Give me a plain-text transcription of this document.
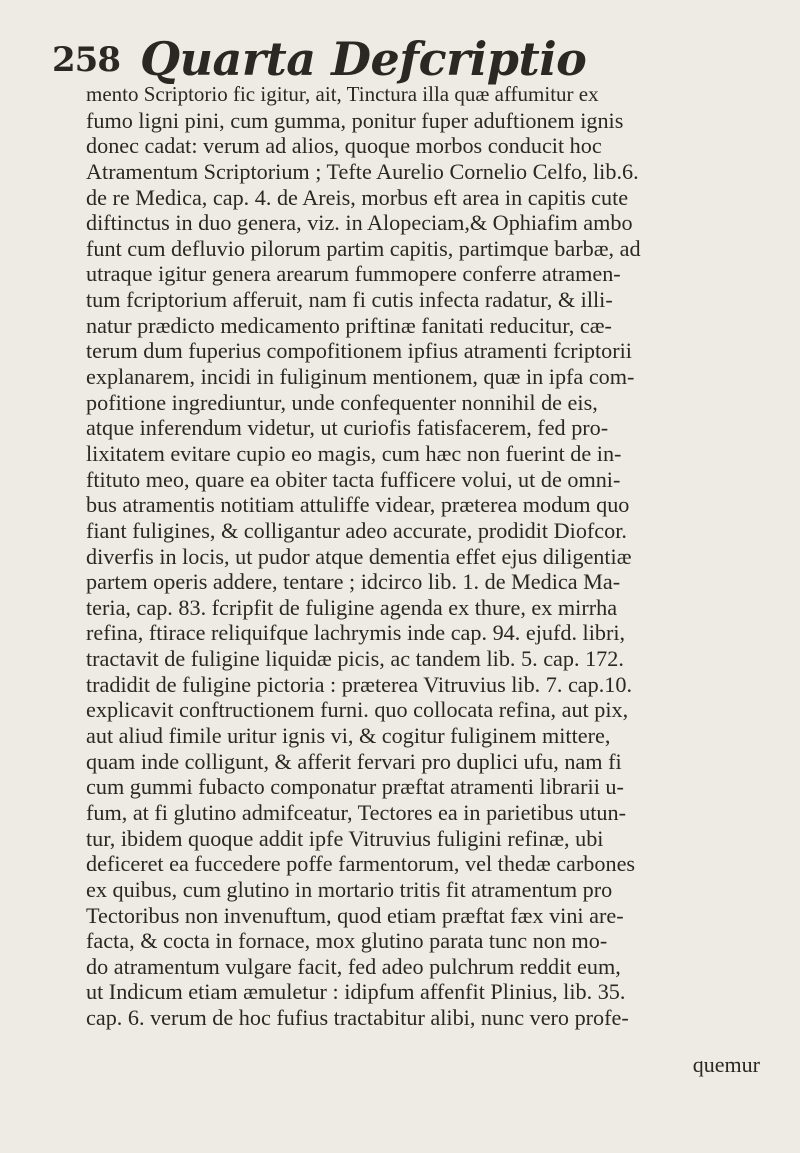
258 Quarta Defcriptio
mento Scriptorio fic igitur, ait, Tinctura illa quæ affumitur ex
fumo ligni pini, cum gumma, ponitur fuper aduftionem ignis
donec cadat: verum ad alios, quoque morbos conducit hoc
Atramentum Scriptorium ; Tefte Aurelio Cornelio Celfo, lib.6.
de re Medica, cap. 4. de Areis, morbus eft area in capitis cute
diftinctus in duo genera, viz. in Alopeciam,& Ophiafim ambo
funt cum defluvio pilorum partim capitis, partimque barbæ, ad
utraque igitur genera arearum fummopere conferre atramen-
tum fcriptorium afferuit, nam fi cutis infecta radatur, & illi-
natur prædicto medicamento priftinæ fanitati reducitur, cæ-
terum dum fuperius compofitionem ipfius atramenti fcriptorii
explanarem, incidi in fuliginum mentionem, quæ in ipfa com-
pofitione ingrediuntur, unde confequenter nonnihil de eis,
atque inferendum videtur, ut curiofis fatisfacerem, fed pro-
lixitatem evitare cupio eo magis, cum hæc non fuerint de in-
ftituto meo, quare ea obiter tacta fufficere volui, ut de omni-
bus atramentis notitiam attuliffe videar, præterea modum quo
fiant fuligines, & colligantur adeo accurate, prodidit Diofcor.
diverfis in locis, ut pudor atque dementia effet ejus diligentiæ
partem operis addere, tentare ; idcirco lib. 1. de Medica Ma-
teria, cap. 83. fcripfit de fuligine agenda ex thure, ex mirrha
refina, ftirace reliquifque lachrymis inde cap. 94. ejufd. libri,
tractavit de fuligine liquidæ picis, ac tandem lib. 5. cap. 172.
tradidit de fuligine pictoria : præterea Vitruvius lib. 7. cap.10.
explicavit conftructionem furni. quo collocata refina, aut pix,
aut aliud fimile uritur ignis vi, & cogitur fuliginem mittere,
quam inde colligunt, & afferit fervari pro duplici ufu, nam fi
cum gummi fubacto componatur præftat atramenti librarii u-
fum, at fi glutino admifceatur, Tectores ea in parietibus utun-
tur, ibidem quoque addit ipfe Vitruvius fuligini refinæ, ubi
deficeret ea fuccedere poffe farmentorum, vel thedæ carbones
ex quibus, cum glutino in mortario tritis fit atramentum pro
Tectoribus non invenuftum, quod etiam præftat fæx vini are-
facta, & cocta in fornace, mox glutino parata tunc non mo-
do atramentum vulgare facit, fed adeo pulchrum reddit eum,
ut Indicum etiam æmuletur : idipfum affenfit Plinius, lib. 35.
cap. 6. verum de hoc fufius tractabitur alibi, nunc vero profe-
quemur
